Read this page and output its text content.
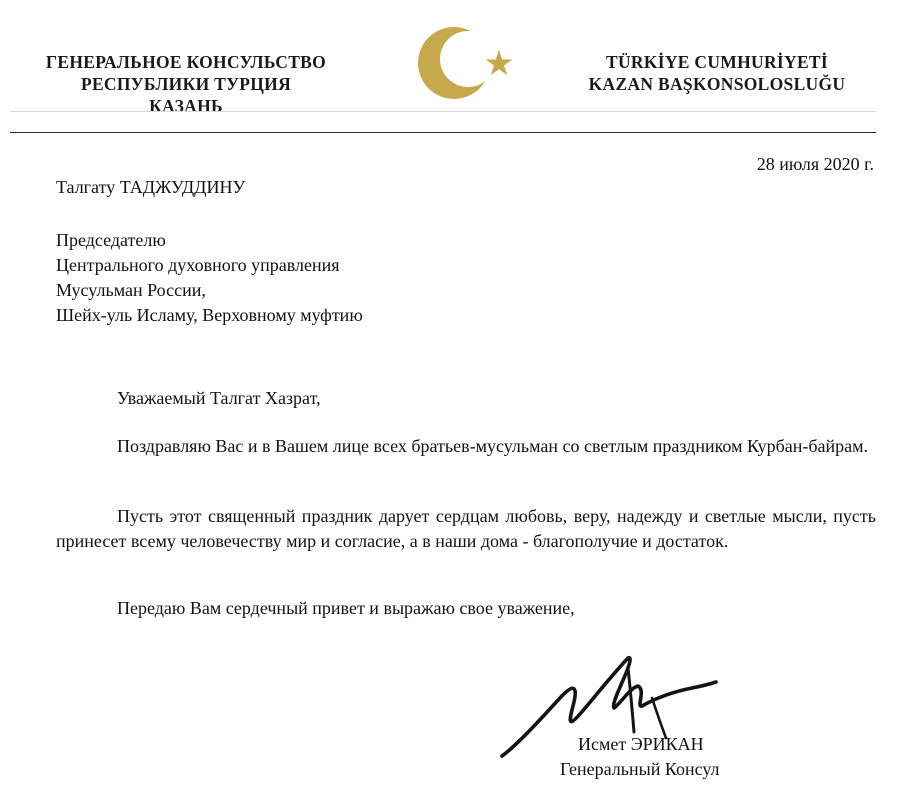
ГЕНЕРАЛЬНОЕ КОНСУЛЬСТВО
РЕСПУБЛИКИ ТУРЦИЯ
КАЗАНЬ
TÜRKİYE CUMHURİYETİ
KAZAN BAŞKONSOLOSLUĞU
28 июля 2020 г.
Талгату ТАДЖУДДИНУ
Председателю
Центрального духовного управления
Мусульман России,
Шейх-уль Исламу, Верховному муфтию
Уважаемый Талгат Хазрат,

Поздравляю Вас и в Вашем лице всех братьев-мусульман со светлым праздником Курбан-байрам.

Пусть этот священный праздник дарует сердцам любовь, веру, надежду и светлые мысли, пусть принесет всему человечеству мир и согласие, а в наши дома - благополучие и достаток.

Передаю Вам сердечный привет и выражаю свое уважение,

Исмет ЭРИКАН
Генеральный Консул
